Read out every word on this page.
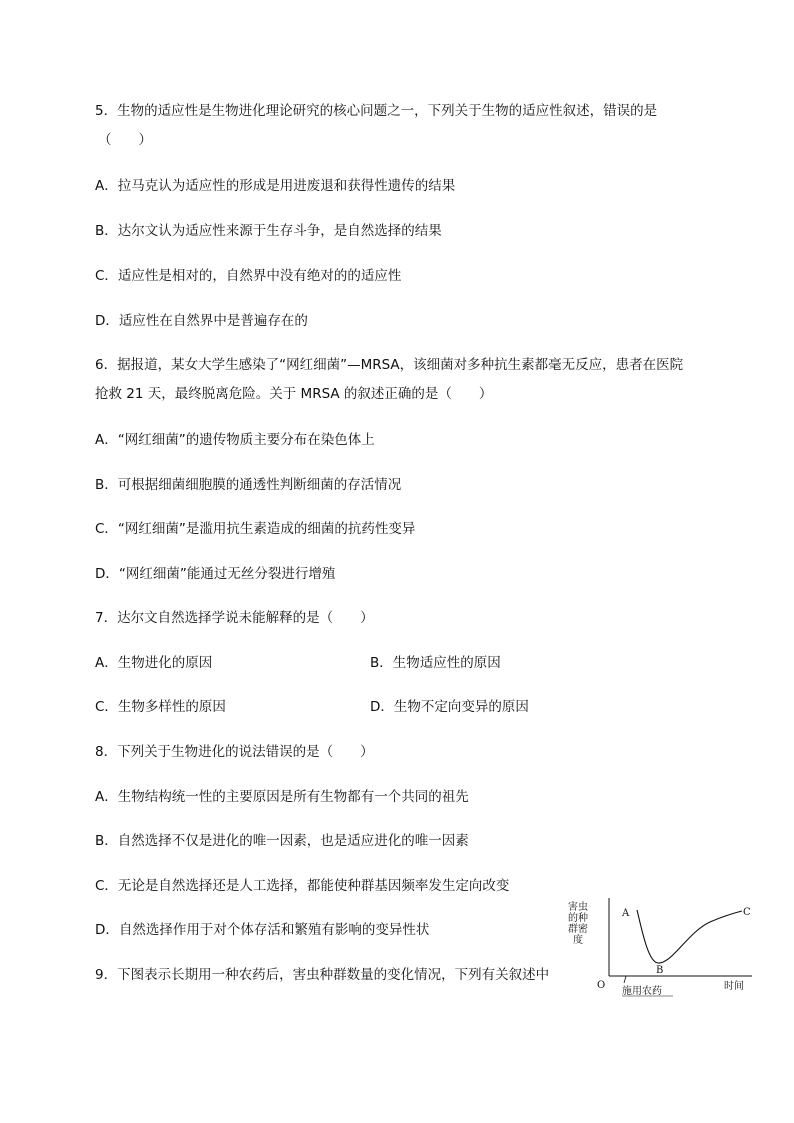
5．生物的适应性是生物进化理论研究的核心问题之一，下列关于生物的适应性叙述，错误的是
（　　）
A．拉马克认为适应性的形成是用进废退和获得性遗传的结果
B．达尔文认为适应性来源于生存斗争，是自然选择的结果
C．适应性是相对的，自然界中没有绝对的的适应性
D．适应性在自然界中是普遍存在的
6．据报道，某女大学生感染了“网红细菌”—MRSA，该细菌对多种抗生素都毫无反应，患者在医院
抢救 21 天，最终脱离危险。关于 MRSA 的叙述正确的是（　　）
A．“网红细菌”的遗传物质主要分布在染色体上
B．可根据细菌细胞膜的通透性判断细菌的存活情况
C．“网红细菌”是滥用抗生素造成的细菌的抗药性变异
D．“网红细菌”能通过无丝分裂进行增殖
7．达尔文自然选择学说未能解释的是（　　）
A．生物进化的原因	B．生物适应性的原因
C．生物多样性的原因	D．生物不定向变异的原因
8．下列关于生物进化的说法错误的是（　　）
A．生物结构统一性的主要原因是所有生物都有一个共同的祖先
B．自然选择不仅是进化的唯一因素，也是适应进化的唯一因素
C．无论是自然选择还是人工选择，都能使种群基因频率发生定向改变
D．自然选择作用于对个体存活和繁殖有影响的变异性状
9．下图表示长期用一种农药后，害虫种群数量的变化情况，下列有关叙述中
害虫
的种
群密
度
A
B
C
O
施用农药	时间
